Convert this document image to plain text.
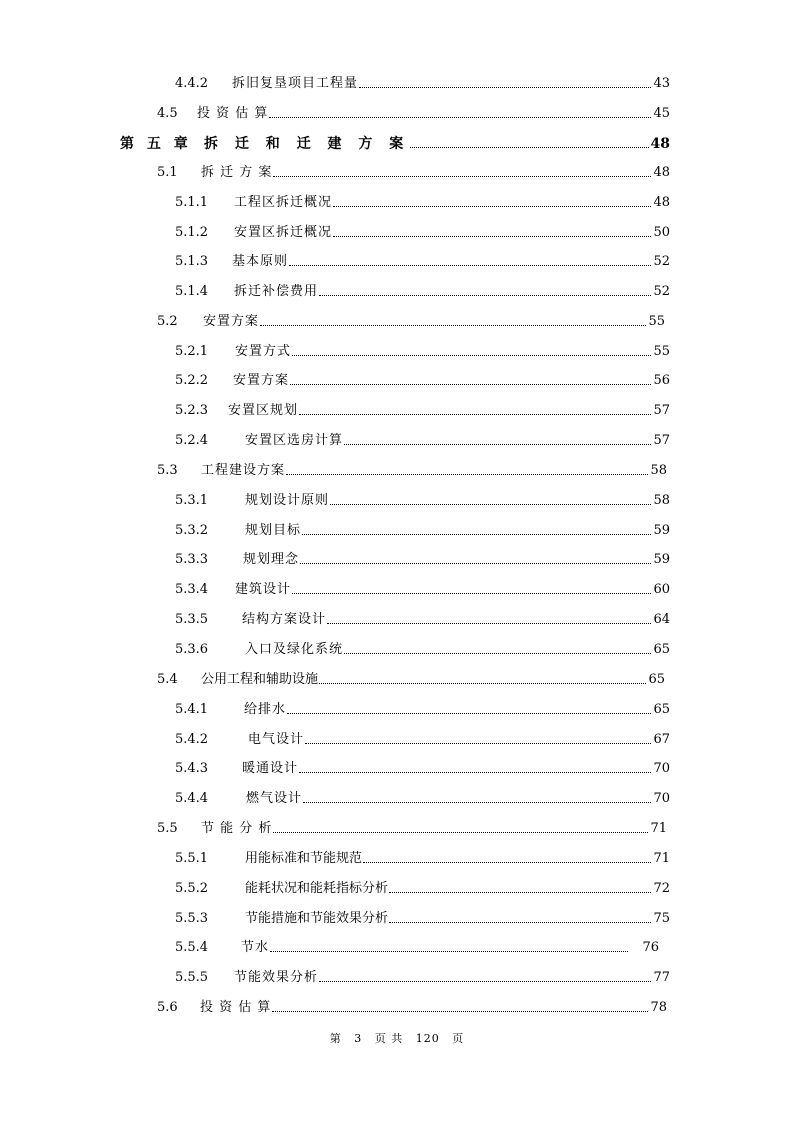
4.4.2	拆旧复垦项目工程量	43
4.5	投 资 估 算	45
第 五 章 拆 迁 和 迁 建 方 案	48
5.1	拆 迁 方 案	48
5.1.1	工程区拆迁概况	48
5.1.2	安置区拆迁概况	50
5.1.3	基本原则	52
5.1.4	拆迁补偿费用	52
5.2	安置方案	55
5.2.1	安置方式	55
5.2.2	安置方案	56
5.2.3	安置区规划	57
5.2.4	安置区选房计算	57
5.3	工程建设方案	58
5.3.1	规划设计原则	58
5.3.2	规划目标	59
5.3.3	规划理念	59
5.3.4	建筑设计	60
5.3.5	结构方案设计	64
5.3.6	入口及绿化系统	65
5.4	公用工程和辅助设施	65
5.4.1	给排水	65
5.4.2	电气设计	67
5.4.3	暖通设计	70
5.4.4	燃气设计	70
5.5	节 能 分 析	71
5.5.1	用能标准和节能规范	71
5.5.2	能耗状况和能耗指标分析	72
5.5.3	节能措施和节能效果分析	75
5.5.4	节水	76
5.5.5	节能效果分析	77
5.6	投 资 估 算	78
第 3 页 共 120 页
